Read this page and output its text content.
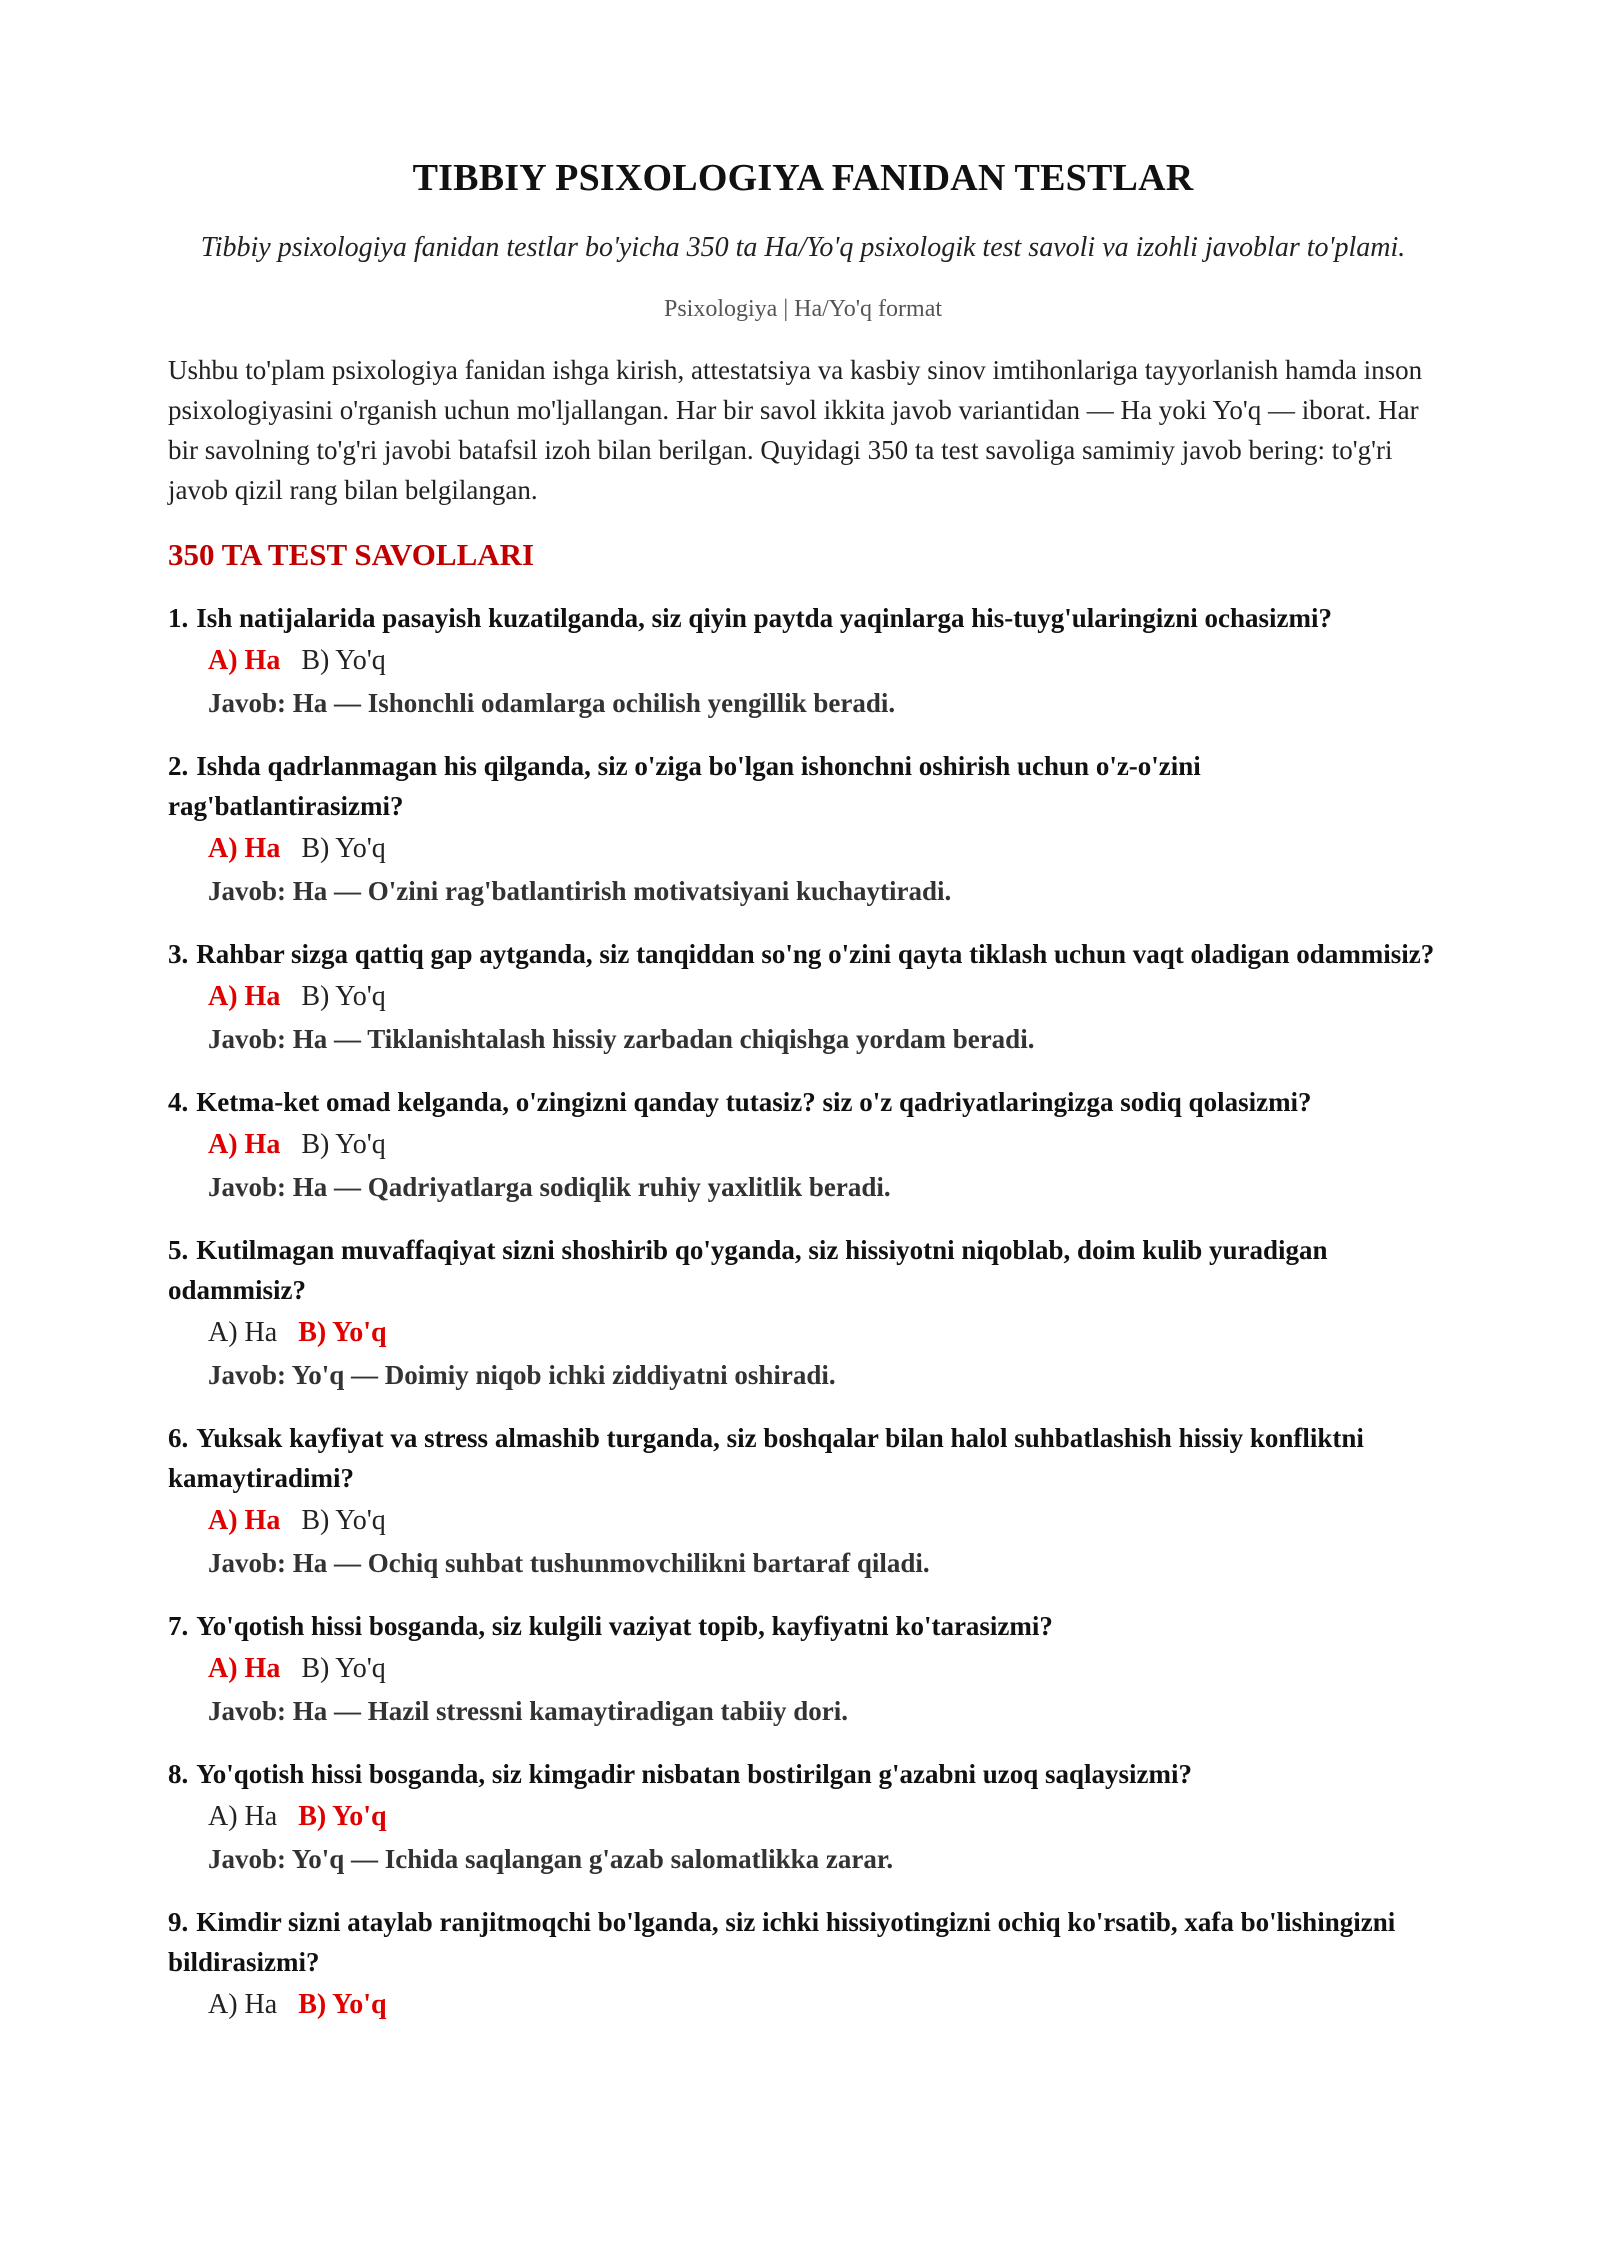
TIBBIY PSIXOLOGIYA FANIDAN TESTLAR
Tibbiy psixologiya fanidan testlar bo'yicha 350 ta Ha/Yo'q psixologik test savoli va izohli javoblar to'plami.
Psixologiya | Ha/Yo'q format
Ushbu to'plam psixologiya fanidan ishga kirish, attestatsiya va kasbiy sinov imtihonlariga tayyorlanish hamda inson psixologiyasini o'rganish uchun mo'ljallangan. Har bir savol ikkita javob variantidan — Ha yoki Yo'q — iborat. Har bir savolning to'g'ri javobi batafsil izoh bilan berilgan. Quyidagi 350 ta test savoliga samimiy javob bering: to'g'ri javob qizil rang bilan belgilangan.
350 TA TEST SAVOLLARI
1. Ish natijalarida pasayish kuzatilganda, siz qiyin paytda yaqinlarga his-tuyg'ularingizni ochasizmi?
A) Ha B) Yo'q
Javob: Ha — Ishonchli odamlarga ochilish yengillik beradi.
2. Ishda qadrlanmagan his qilganda, siz o'ziga bo'lgan ishonchni oshirish uchun o'z-o'zini rag'batlantirasizmi?
A) Ha B) Yo'q
Javob: Ha — O'zini rag'batlantirish motivatsiyani kuchaytiradi.
3. Rahbar sizga qattiq gap aytganda, siz tanqiddan so'ng o'zini qayta tiklash uchun vaqt oladigan odammisiz?
A) Ha B) Yo'q
Javob: Ha — Tiklanishtalash hissiy zarbadan chiqishga yordam beradi.
4. Ketma-ket omad kelganda, o'zingizni qanday tutasiz? siz o'z qadriyatlaringizga sodiq qolasizmi?
A) Ha B) Yo'q
Javob: Ha — Qadriyatlarga sodiqlik ruhiy yaxlitlik beradi.
5. Kutilmagan muvaffaqiyat sizni shoshirib qo'yganda, siz hissiyotni niqoblab, doim kulib yuradigan odammisiz?
A) Ha B) Yo'q
Javob: Yo'q — Doimiy niqob ichki ziddiyatni oshiradi.
6. Yuksak kayfiyat va stress almashib turganda, siz boshqalar bilan halol suhbatlashish hissiy konfliktni kamaytiradimi?
A) Ha B) Yo'q
Javob: Ha — Ochiq suhbat tushunmovchilikni bartaraf qiladi.
7. Yo'qotish hissi bosganda, siz kulgili vaziyat topib, kayfiyatni ko'tarasizmi?
A) Ha B) Yo'q
Javob: Ha — Hazil stressni kamaytiradigan tabiiy dori.
8. Yo'qotish hissi bosganda, siz kimgadir nisbatan bostirilgan g'azabni uzoq saqlaysizmi?
A) Ha B) Yo'q
Javob: Yo'q — Ichida saqlangan g'azab salomatlikka zarar.
9. Kimdir sizni ataylab ranjitmoqchi bo'lganda, siz ichki hissiyotingizni ochiq ko'rsatib, xafa bo'lishingizni bildirasizmi?
A) Ha B) Yo'q
